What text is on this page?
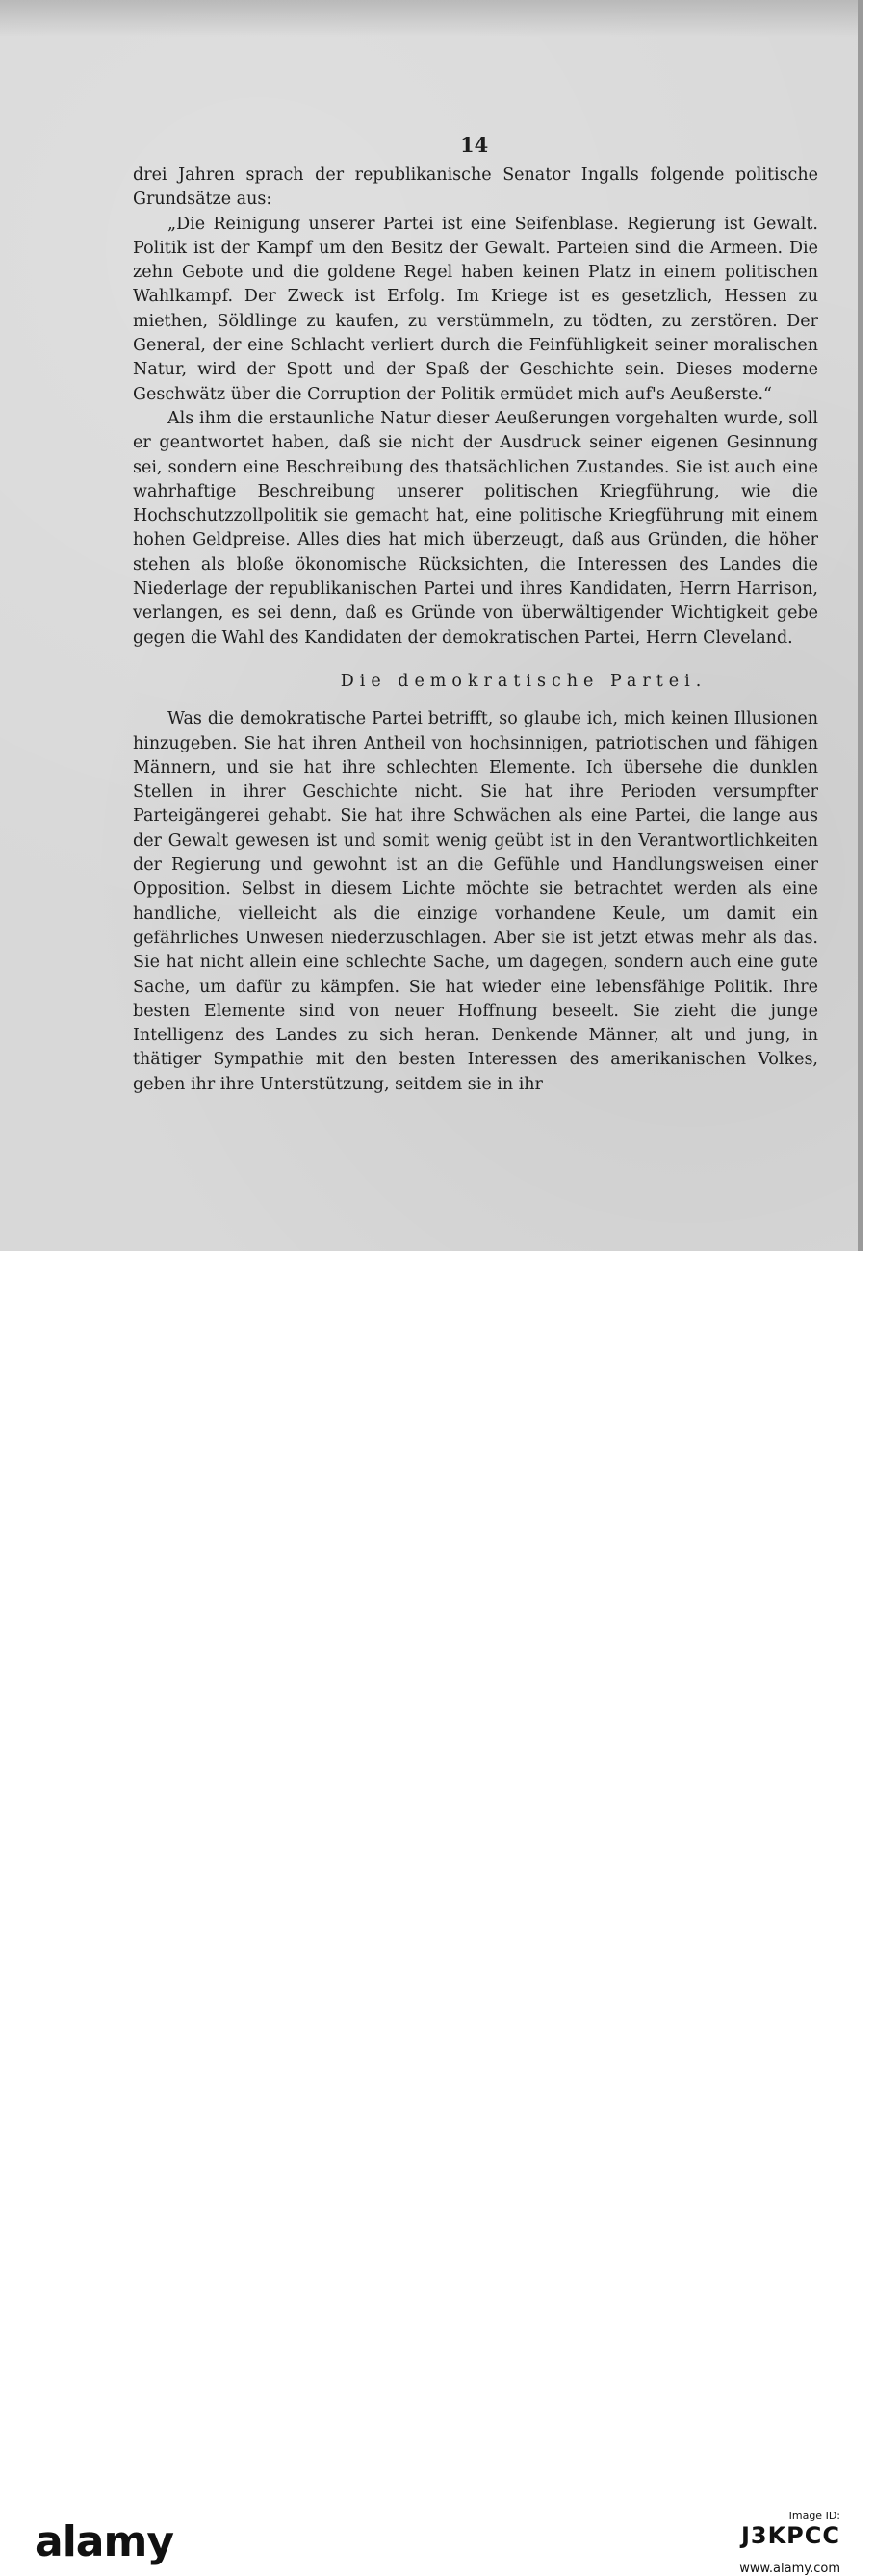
14

drei Jahren sprach der republikanische Senator Ingalls folgende politische Grundsätze aus:

„Die Reinigung unserer Partei ist eine Seifenblase. Regierung ist Gewalt. Politik ist der Kampf um den Besitz der Gewalt. Parteien sind die Armeen. Die zehn Gebote und die goldene Regel haben keinen Platz in einem politischen Wahlkampf. Der Zweck ist Erfolg. Im Kriege ist es gesetzlich, Hessen zu miethen, Söldlinge zu kaufen, zu verstümmeln, zu tödten, zu zerstören. Der General, der eine Schlacht verliert durch die Feinfühligkeit seiner moralischen Natur, wird der Spott und der Spaß der Geschichte sein. Dieses moderne Geschwätz über die Corruption der Politik ermüdet mich auf's Aeußerste.“

Als ihm die erstaunliche Natur dieser Aeußerungen vorgehalten wurde, soll er geantwortet haben, daß sie nicht der Ausdruck seiner eigenen Gesinnung sei, sondern eine Beschreibung des thatsächlichen Zustandes. Sie ist auch eine wahrhaftige Beschreibung unserer politischen Kriegführung, wie die Hochschutzzollpolitik sie gemacht hat, eine politische Kriegführung mit einem hohen Geldpreise. Alles dies hat mich überzeugt, daß aus Gründen, die höher stehen als bloße ökonomische Rücksichten, die Interessen des Landes die Niederlage der republikanischen Partei und ihres Kandidaten, Herrn Harrison, verlangen, es sei denn, daß es Gründe von überwältigender Wichtigkeit gebe gegen die Wahl des Kandidaten der demokratischen Partei, Herrn Cleveland.

Die demokratische Partei.

Was die demokratische Partei betrifft, so glaube ich, mich keinen Illusionen hinzugeben. Sie hat ihren Antheil von hochsinnigen, patriotischen und fähigen Männern, und sie hat ihre schlechten Elemente. Ich übersehe die dunklen Stellen in ihrer Geschichte nicht. Sie hat ihre Perioden versumpfter Parteigängerei gehabt. Sie hat ihre Schwächen als eine Partei, die lange aus der Gewalt gewesen ist und somit wenig geübt ist in den Verantwortlichkeiten der Regierung und gewohnt ist an die Gefühle und Handlungsweisen einer Opposition. Selbst in diesem Lichte möchte sie betrachtet werden als eine handliche, vielleicht als die einzige vorhandene Keule, um damit ein gefährliches Unwesen niederzuschlagen. Aber sie ist jetzt etwas mehr als das. Sie hat nicht allein eine schlechte Sache, um dagegen, sondern auch eine gute Sache, um dafür zu kämpfen. Sie hat wieder eine lebensfähige Politik. Ihre besten Elemente sind von neuer Hoffnung beseelt. Sie zieht die junge Intelligenz des Landes zu sich heran. Denkende Männer, alt und jung, in thätiger Sympathie mit den besten Interessen des amerikanischen Volkes, geben ihr ihre Unterstützung, seitdem sie in ihr

alamy

Image ID:
J3KPCC
www.alamy.com
